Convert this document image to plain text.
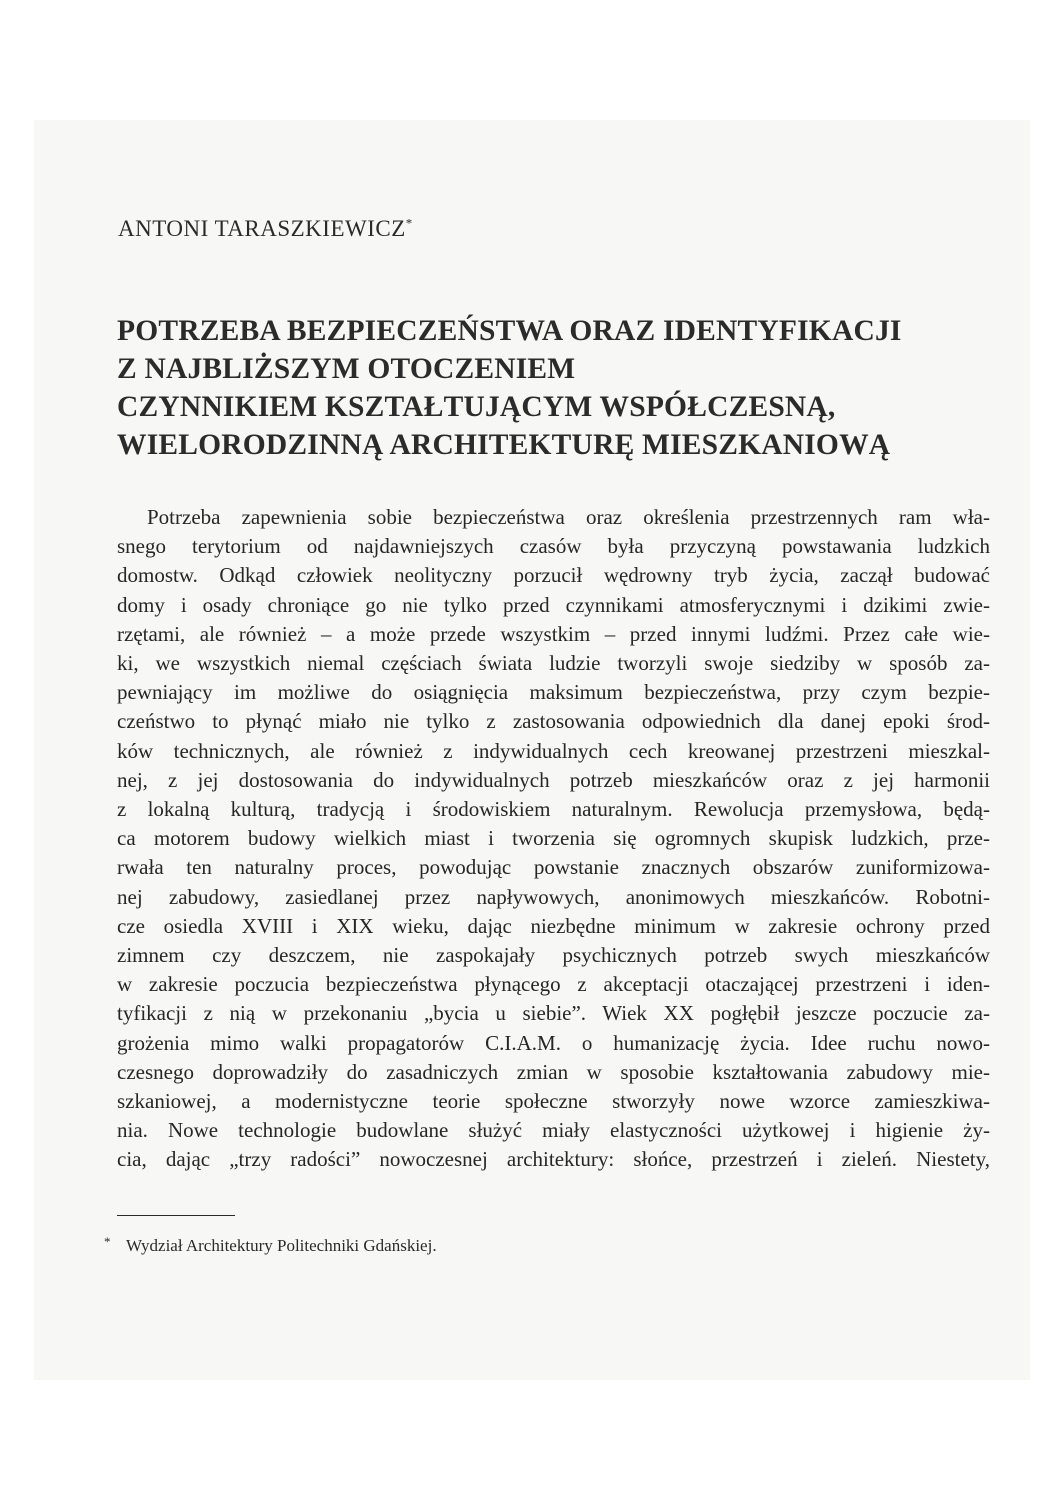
ANTONI TARASZKIEWICZ*
POTRZEBA BEZPIECZEŃSTWA ORAZ IDENTYFIKACJI
Z NAJBLIŻSZYM OTOCZENIEM
CZYNNIKIEM KSZTAŁTUJĄCYM WSPÓŁCZESNĄ,
WIELORODZINNĄ ARCHITEKTURĘ MIESZKANIOWĄ
Potrzeba zapewnienia sobie bezpieczeństwa oraz określenia przestrzennych ram wła-
snego terytorium od najdawniejszych czasów była przyczyną powstawania ludzkich
domostw. Odkąd człowiek neolityczny porzucił wędrowny tryb życia, zaczął budować
domy i osady chroniące go nie tylko przed czynnikami atmosferycznymi i dzikimi zwie-
rzętami, ale również – a może przede wszystkim – przed innymi ludźmi. Przez całe wie-
ki, we wszystkich niemal częściach świata ludzie tworzyli swoje siedziby w sposób za-
pewniający im możliwe do osiągnięcia maksimum bezpieczeństwa, przy czym bezpie-
czeństwo to płynąć miało nie tylko z zastosowania odpowiednich dla danej epoki środ-
ków technicznych, ale również z indywidualnych cech kreowanej przestrzeni mieszkal-
nej, z jej dostosowania do indywidualnych potrzeb mieszkańców oraz z jej harmonii
z lokalną kulturą, tradycją i środowiskiem naturalnym. Rewolucja przemysłowa, będą-
ca motorem budowy wielkich miast i tworzenia się ogromnych skupisk ludzkich, prze-
rwała ten naturalny proces, powodując powstanie znacznych obszarów zuniformizowa-
nej zabudowy, zasiedlanej przez napływowych, anonimowych mieszkańców. Robotni-
cze osiedla XVIII i XIX wieku, dając niezbędne minimum w zakresie ochrony przed
zimnem czy deszczem, nie zaspokajały psychicznych potrzeb swych mieszkańców
w zakresie poczucia bezpieczeństwa płynącego z akceptacji otaczającej przestrzeni i iden-
tyfikacji z nią w przekonaniu „bycia u siebie”. Wiek XX pogłębił jeszcze poczucie za-
grożenia mimo walki propagatorów C.I.A.M. o humanizację życia. Idee ruchu nowo-
czesnego doprowadziły do zasadniczych zmian w sposobie kształtowania zabudowy mie-
szkaniowej, a modernistyczne teorie społeczne stworzyły nowe wzorce zamieszkiwa-
nia. Nowe technologie budowlane służyć miały elastyczności użytkowej i higienie ży-
cia, dając „trzy radości” nowoczesnej architektury: słońce, przestrzeń i zieleń. Niestety,
* Wydział Architektury Politechniki Gdańskiej.
